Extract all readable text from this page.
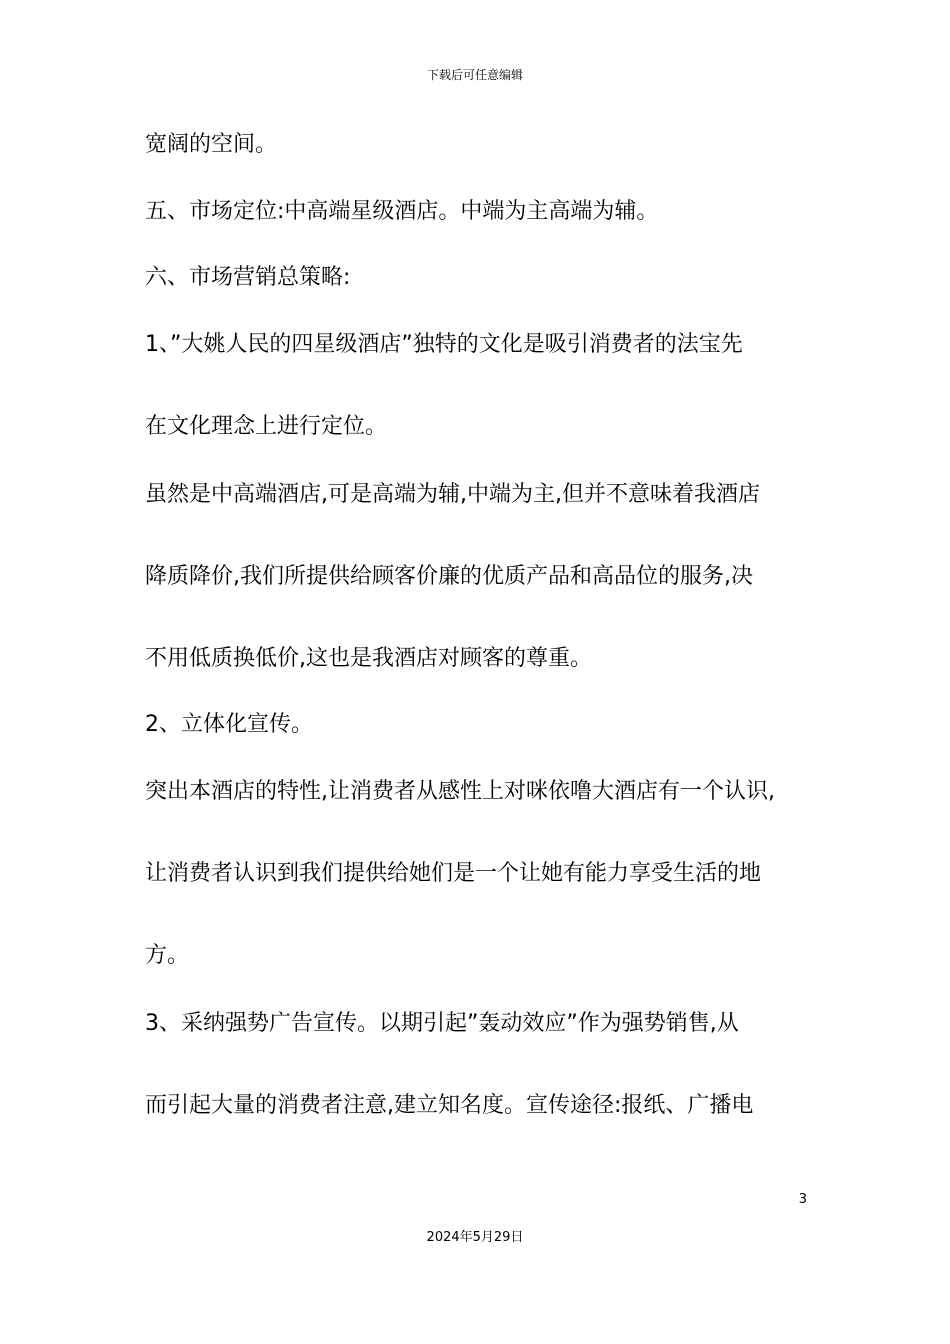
下载后可任意编辑
宽阔的空间。
五、市场定位:中高端星级酒店。中端为主高端为辅。
六、市场营销总策略:
1、”大姚人民的四星级酒店”独特的文化是吸引消费者的法宝先
在文化理念上进行定位。
虽然是中高端酒店,可是高端为辅,中端为主,但并不意味着我酒店
降质降价,我们所提供给顾客价廉的优质产品和高品位的服务,决
不用低质换低价,这也是我酒店对顾客的尊重。
2、立体化宣传。
突出本酒店的特性,让消费者从感性上对咪依噜大酒店有一个认识,
让消费者认识到我们提供给她们是一个让她有能力享受生活的地
方。
3、采纳强势广告宣传。以期引起”轰动效应”作为强势销售,从
而引起大量的消费者注意,建立知名度。宣传途径:报纸、广播电
3
2024年5月29日
